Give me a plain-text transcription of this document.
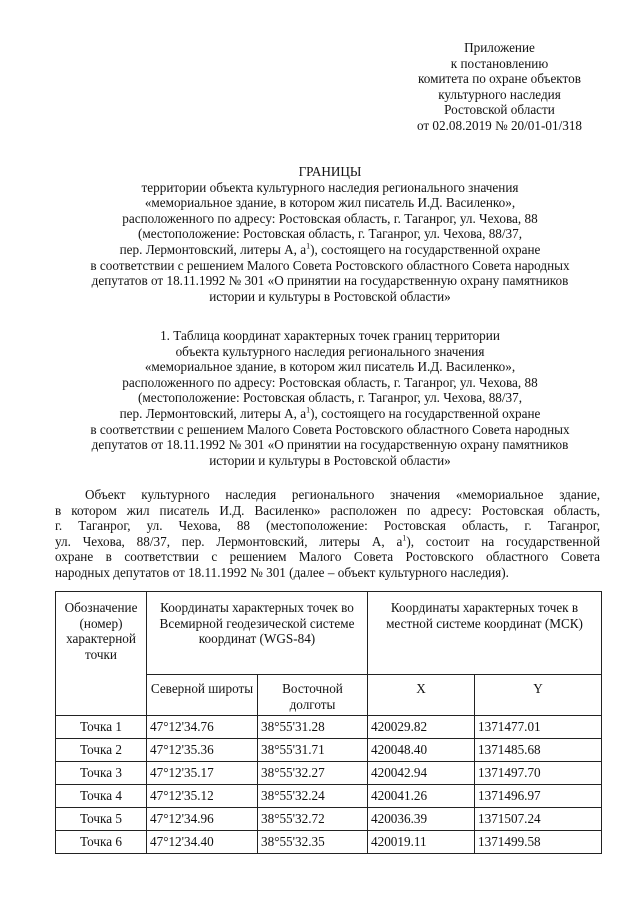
Приложение
к постановлению
комитета по охране объектов
культурного наследия
Ростовской области
от 02.08.2019 № 20/01-01/318
ГРАНИЦЫ
территории объекта культурного наследия регионального значения
«мемориальное здание, в котором жил писатель И.Д. Василенко»,
расположенного по адресу: Ростовская область, г. Таганрог, ул. Чехова, 88
(местоположение: Ростовская область, г. Таганрог, ул. Чехова, 88/37,
пер. Лермонтовский, литеры А, $а^1$), состоящего на государственной охране
в соответствии с решением Малого Совета Ростовского областного Совета народных
депутатов от 18.11.1992 № 301 «О принятии на государственную охрану памятников
истории и культуры в Ростовской области»
1. Таблица координат характерных точек границ территории
объекта культурного наследия регионального значения
«мемориальное здание, в котором жил писатель И.Д. Василенко»,
расположенного по адресу: Ростовская область, г. Таганрог, ул. Чехова, 88
(местоположение: Ростовская область, г. Таганрог, ул. Чехова, 88/37,
пер. Лермонтовский, литеры А, $а^1$), состоящего на государственной охране
в соответствии с решением Малого Совета Ростовского областного Совета народных
депутатов от 18.11.1992 № 301 «О принятии на государственную охрану памятников
истории и культуры в Ростовской области»
Объект культурного наследия регионального значения «мемориальное здание,
в котором жил писатель И.Д. Василенко» расположен по адресу: Ростовская область,
г. Таганрог, ул. Чехова, 88 (местоположение: Ростовская область, г. Таганрог,
ул. Чехова, 88/37, пер. Лермонтовский, литеры А, $а^1$), состоит на государственной
охране в соответствии с решением Малого Совета Ростовского областного Совета
народных депутатов от 18.11.1992 № 301 (далее – объект культурного наследия).
Обозначение (номер) характерной точки	Координаты характерных точек во Всемирной геодезической системе координат (WGS-84)		Координаты характерных точек в местной системе координат (МСК)	
	Северной широты	Восточной долготы	X	Y
Точка 1	47°12'34.76	38°55'31.28	420029.82	1371477.01
Точка 2	47°12'35.36	38°55'31.71	420048.40	1371485.68
Точка 3	47°12'35.17	38°55'32.27	420042.94	1371497.70
Точка 4	47°12'35.12	38°55'32.24	420041.26	1371496.97
Точка 5	47°12'34.96	38°55'32.72	420036.39	1371507.24
Точка 6	47°12'34.40	38°55'32.35	420019.11	1371499.58
